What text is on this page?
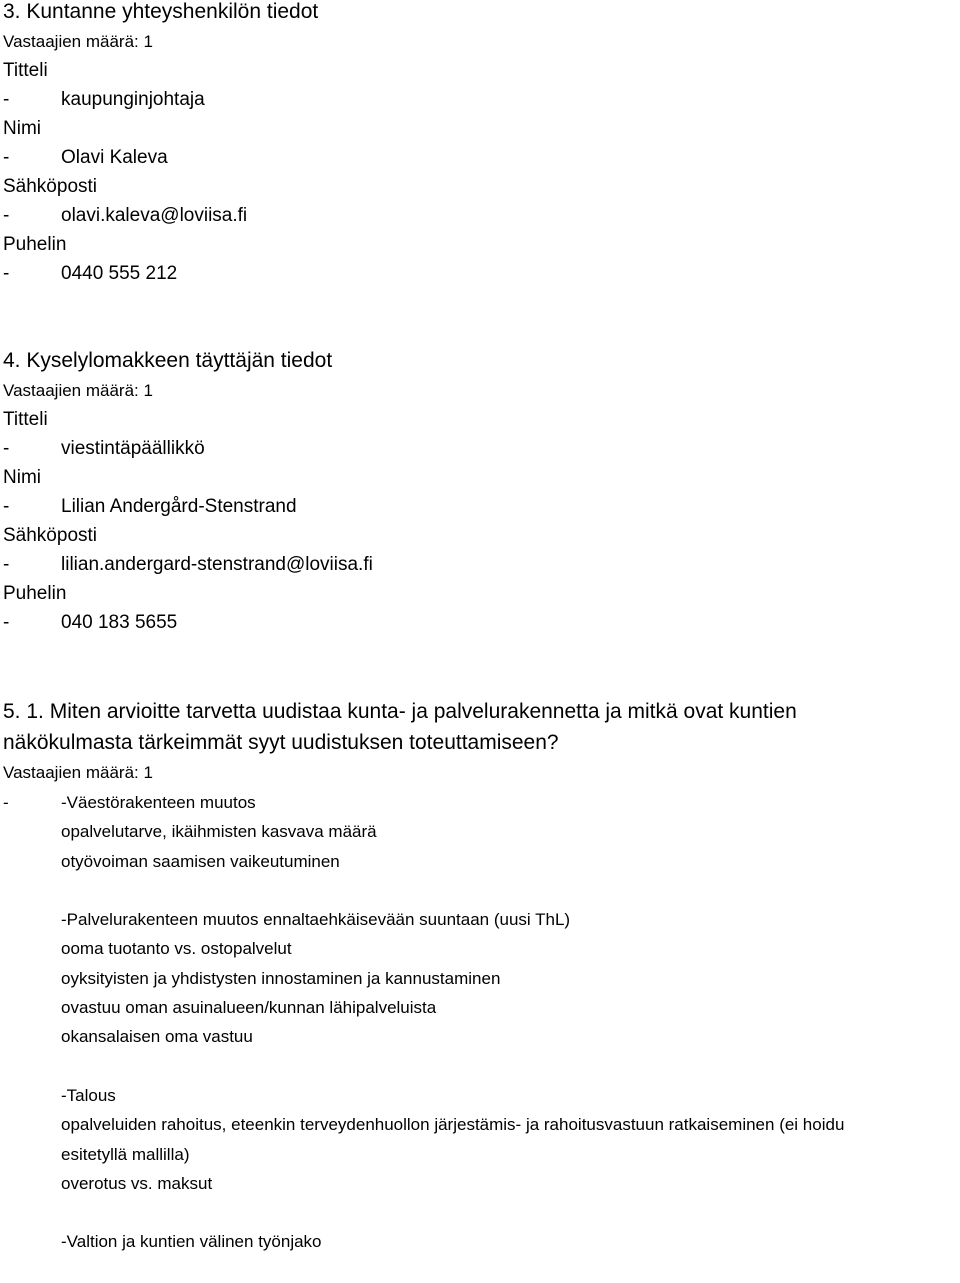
3. Kuntanne yhteyshenkilön tiedot
Vastaajien määrä: 1
Titteli
-	kaupunginjohtaja
Nimi
-	Olavi Kaleva
Sähköposti
-	olavi.kaleva@loviisa.fi
Puhelin
-	0440 555 212
4. Kyselylomakkeen täyttäjän tiedot
Vastaajien määrä: 1
Titteli
-	viestintäpäällikkö
Nimi
-	Lilian Andergård-Stenstrand
Sähköposti
-	lilian.andergard-stenstrand@loviisa.fi
Puhelin
-	040 183 5655
5. 1. Miten arvioitte tarvetta uudistaa kunta- ja palvelurakennetta ja mitkä ovat kuntien näkökulmasta tärkeimmät syyt uudistuksen toteuttamiseen?
Vastaajien määrä: 1
-	-Väestörakenteen muutos
opalvelutarve, ikäihmisten kasvava määrä
otyövoiman saamisen vaikeutuminen
-Palvelurakenteen muutos ennaltaehkäisevään suuntaan (uusi ThL)
ooma tuotanto vs. ostopalvelut
oyksityisten ja yhdistysten innostaminen ja kannustaminen
ovastuu oman asuinalueen/kunnan lähipalveluista
okansalaisen oma vastuu
-Talous
opalveluiden rahoitus, eteenkin terveydenhuollon järjestämis- ja rahoitusvastuun ratkaiseminen (ei hoidu
esitetyllä mallilla)
overotus vs. maksut
-Valtion ja kuntien välinen työnjako
